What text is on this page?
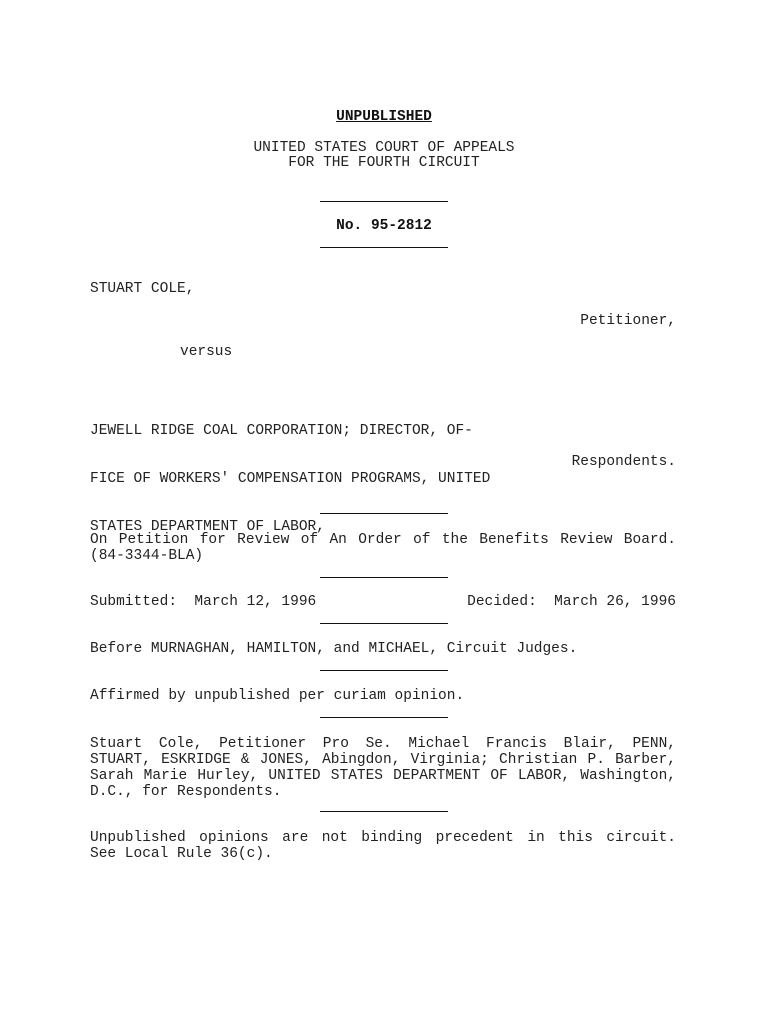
UNPUBLISHED

UNITED STATES COURT OF APPEALS

FOR THE FOURTH CIRCUIT

No. 95-2812

STUART COLE,

Petitioner,

versus

JEWELL RIDGE COAL CORPORATION; DIRECTOR, OF-

FICE OF WORKERS' COMPENSATION PROGRAMS, UNITED

STATES DEPARTMENT OF LABOR,

Respondents.

On Petition for Review of An Order of the Benefits Review Board.
(84-3344-BLA)

Submitted:  March 12, 1996	Decided:  March 26, 1996

Before MURNAGHAN, HAMILTON, and MICHAEL, Circuit Judges.

Affirmed by unpublished per curiam opinion.

Stuart Cole, Petitioner Pro Se. Michael Francis Blair, PENN,
STUART, ESKRIDGE & JONES, Abingdon, Virginia; Christian P. Barber,
Sarah Marie Hurley, UNITED STATES DEPARTMENT OF LABOR, Washington,
D.C., for Respondents.
Unpublished opinions are not binding precedent in this circuit.
See Local Rule 36(c).
